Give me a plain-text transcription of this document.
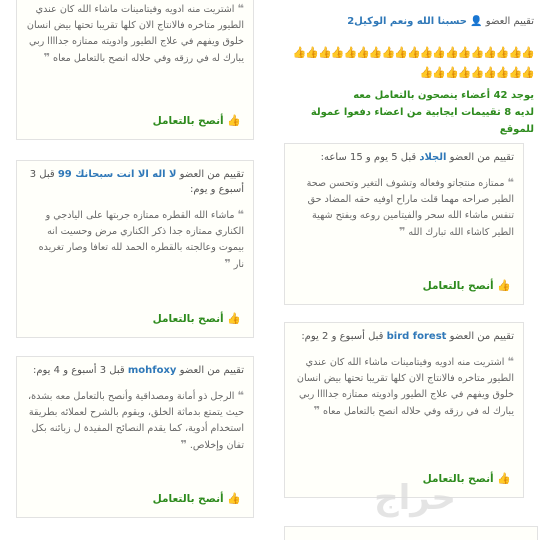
تقييم العضو 👤 حسبنا الله ونعم الوكيل2
👍👍👍👍👍👍👍👍👍👍👍👍👍👍👍👍👍👍👍👍👍👍👍👍👍👍👍👍
يوجد 42 أعضاء ينصحون بالتعامل معه
لديه 8 تقييمات ايجابية من اعضاء دفعوا عمولة للموقع
تقييم من العضو الجلاد قبل 5 يوم و 15 ساعه:
❝ ممتازه منتجاتو وفعاله وتشوف التغير وتحسن صحة الطير صراحه مهما قلت ماراح اوفيه حقه المضاد حق تنفس ماشاء الله سحر والفيتامين روعه ويفتح شهية الطير كاشاء الله تبارك الله ❞
👍 أنصح بالتعامل
تقييم من العضو bird forest قبل أسبوع و 2 يوم:
❝ اشتريت منه ادويه وفيتامينات ماشاء الله كان عندي الطيور متاخره فالانتاج الان كلها تقريبا تحتها بيض انسان خلوق ويفهم في علاج الطيور وادويته ممتازه جداااا ربي يبارك له في رزقه وفي حلاله انصح بالتعامل معاه ❞
👍 أنصح بالتعامل
❝ اشتريت منه ادويه وفيتامينات ماشاء الله كان عندي الطيور متاخره فالانتاج الان كلها تقريبا تحتها بيض انسان خلوق ويفهم في علاج الطيور وادويته ممتازه جداااا ربي يبارك له في رزقه وفي حلاله انصح بالتعامل معاه ❞
👍 أنصح بالتعامل
تقييم من العضو لا اله الا انت سبحانك 99 قبل 3 أسبوع و يوم:
❝ ماشاء الله القطره ممتازه جربتها على اليادجي و الكناري ممتازه جدا ذكر الكناري مرض وحسيت انه بيموت وعالجته بالقطره الحمد لله تعافا وصار تغريده نار ❞
👍 أنصح بالتعامل
تقييم من العضو mohfoxy قبل 3 أسبوع و 4 يوم:
❝ الرجل ذو أمانة ومصداقية وأنصح بالتعامل معه بشدة، حيث يتمتع بدماثة الخلق، ويقوم بالشرح لعملائه بطريقة استخدام أدوية، كما يقدم النصائح المفيدة ل زبائنه بكل تفان وإخلاص. ❞
👍 أنصح بالتعامل	حراج
